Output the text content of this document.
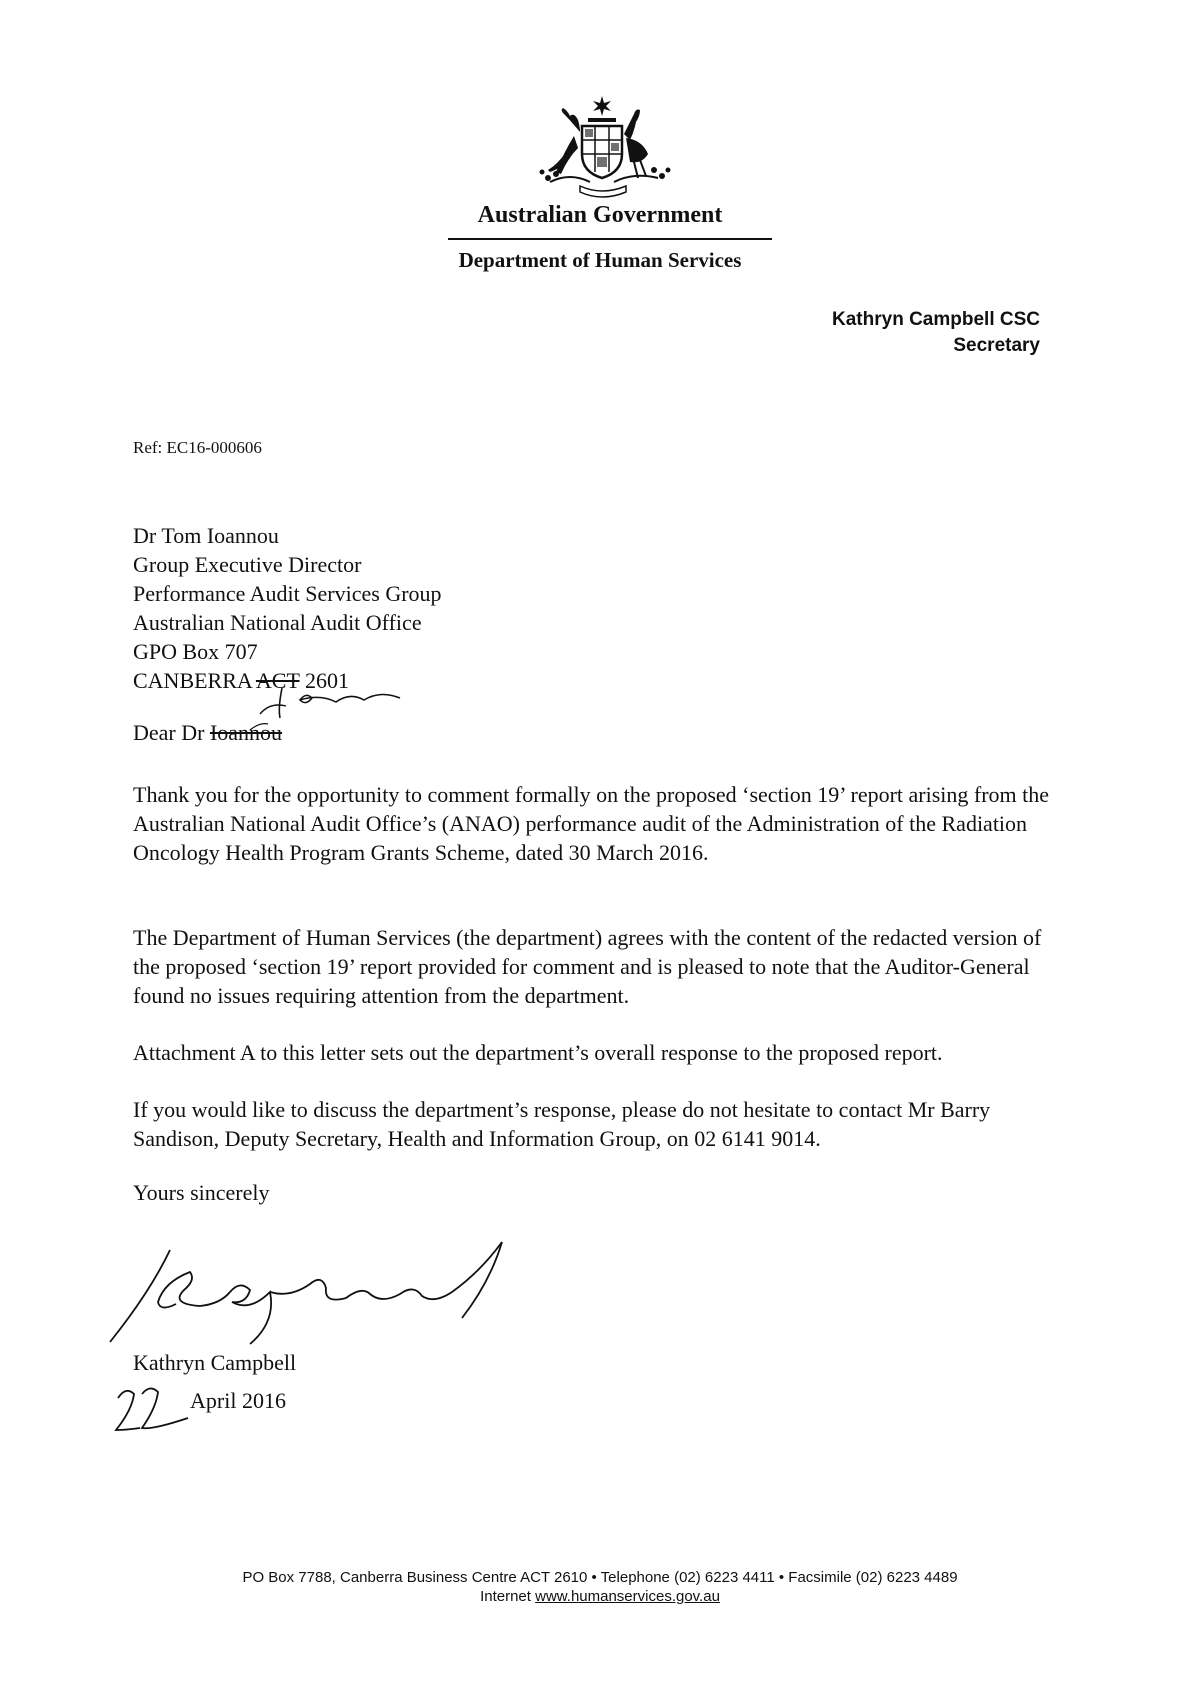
Australian Government
Department of Human Services
Kathryn Campbell CSC
Secretary
Ref: EC16-000606
Dr Tom Ioannou
Group Executive Director
Performance Audit Services Group
Australian National Audit Office
GPO Box 707
CANBERRA ACT 2601
Dear Dr Ioannou
Thank you for the opportunity to comment formally on the proposed ‘section 19’ report arising from the Australian National Audit Office’s (ANAO) performance audit of the Administration of the Radiation Oncology Health Program Grants Scheme, dated 30 March 2016.
The Department of Human Services (the department) agrees with the content of the redacted version of the proposed ‘section 19’ report provided for comment and is pleased to note that the Auditor-General found no issues requiring attention from the department.
Attachment A to this letter sets out the department’s overall response to the proposed report.
If you would like to discuss the department’s response, please do not hesitate to contact Mr Barry Sandison, Deputy Secretary, Health and Information Group, on 02 6141 9014.
Yours sincerely
Kathryn Campbell
April 2016
PO Box 7788, Canberra Business Centre ACT 2610 • Telephone (02) 6223 4411 • Facsimile (02) 6223 4489
Internet www.humanservices.gov.au
